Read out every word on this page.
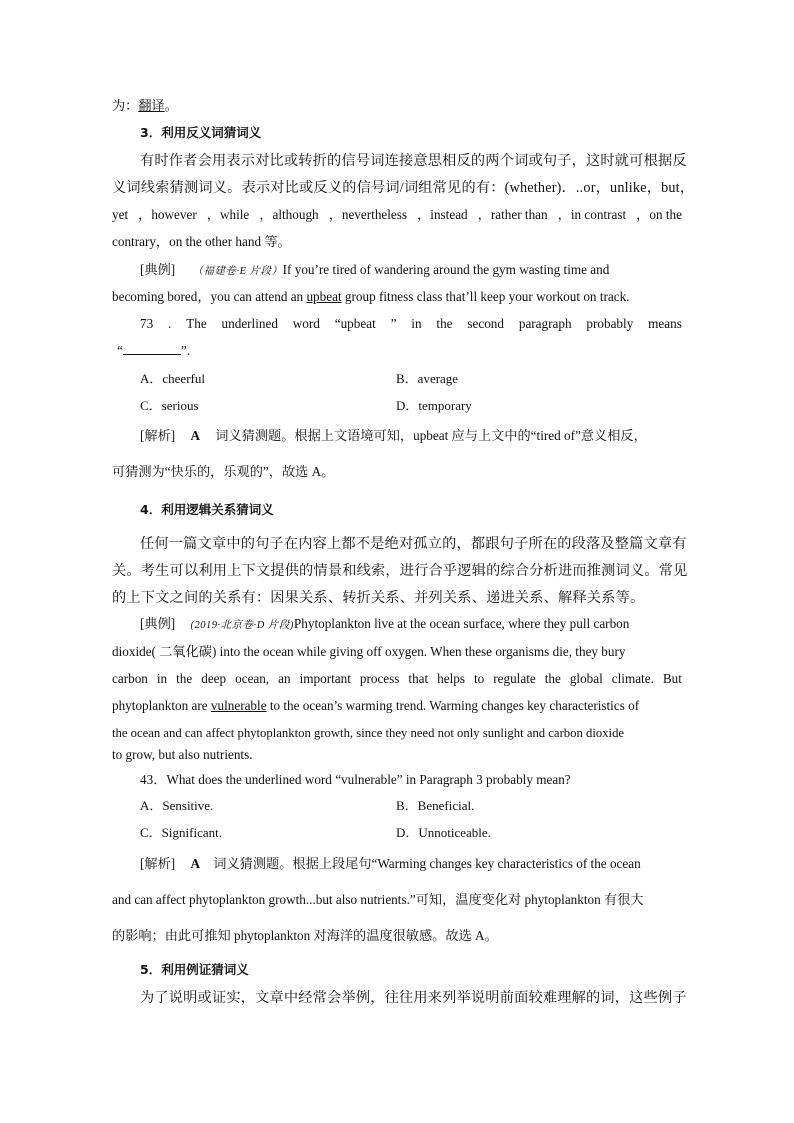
为：翻译。
3．利用反义词猜词义
有时作者会用表示对比或转折的信号词连接意思相反的两个词或句子，这时就可根据反
义词线索猜测词义。表示对比或反义的信号词/词组常见的有：(whether)．..or，unlike，but，
yet ，however ，while ，although ，nevertheless ，instead ，rather than ，in contrast ，on the
contrary，on the other hand 等。
[典例] （福建卷·E 片段）If you’re tired of wandering around the gym wasting time and
becoming bored，you can attend an upbeat group fitness class that’ll keep your workout on track.
73 . The underlined word “upbeat ” in the second paragraph probably means
“	”.
A．cheerful	B．average
C．serious	D．temporary
[解析] A 词义猜测题。根据上文语境可知，upbeat 应与上文中的“tired of”意义相反，
可猜测为“快乐的，乐观的”，故选 A。
4．利用逻辑关系猜词义
任何一篇文章中的句子在内容上都不是绝对孤立的，都跟句子所在的段落及整篇文章有
关。考生可以利用上下文提供的情景和线索，进行合乎逻辑的综合分析进而推测词义。常见
的上下文之间的关系有：因果关系、转折关系、并列关系、递进关系、解释关系等。
[典例] (2019·北京卷·D 片段)Phytoplankton live at the ocean surface, where they pull carbon
dioxide( 二氧化碳) into the ocean while giving off oxygen. When these organisms die, they bury
carbon in the deep ocean, an important process that helps to regulate the global climate. But
phytoplankton are vulnerable to the ocean’s warming trend. Warming changes key characteristics of
the ocean and can affect phytoplankton growth, since they need not only sunlight and carbon dioxide
to grow, but also nutrients.
43．What does the underlined word “vulnerable” in Paragraph 3 probably mean?
A．Sensitive.	B．Beneficial.
C．Significant.	D．Unnoticeable.
[解析] A 词义猜测题。根据上段尾句“Warming changes key characteristics of the ocean
and can affect phytoplankton growth...but also nutrients.”可知，温度变化对 phytoplankton 有很大
的影响；由此可推知 phytoplankton 对海洋的温度很敏感。故选 A。
5．利用例证猜词义
为了说明或证实，文章中经常会举例，往往用来列举说明前面较难理解的词，这些例子
